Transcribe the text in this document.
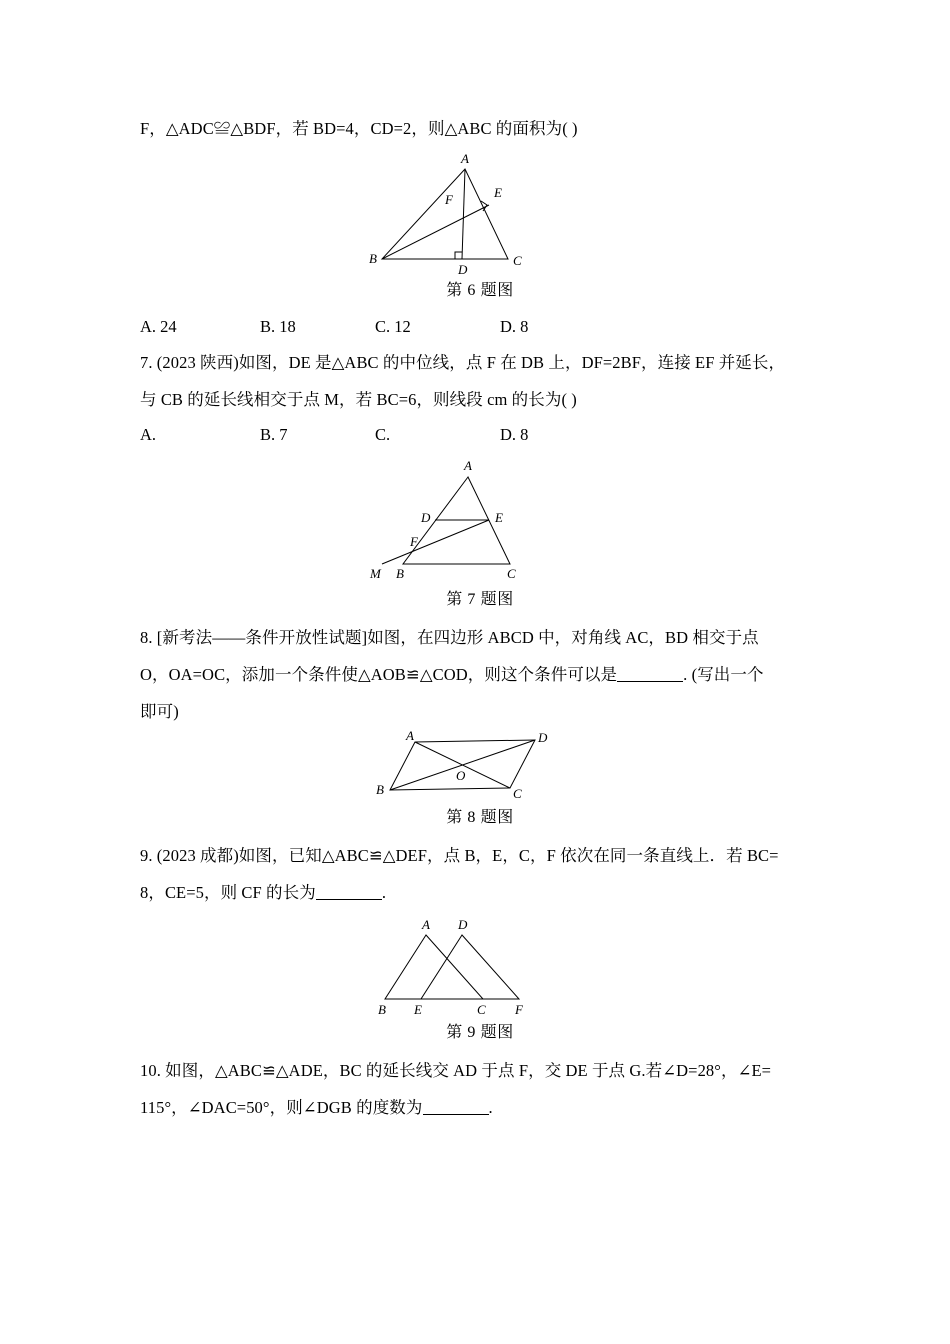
F，△ADC≌△BDF，若 BD=4，CD=2，则△ABC 的面积为( )
A
B	C
D
E
F
第 6 题图
A. 24	B. 18	C. 12	D. 8
7. (2023 陕西)如图，DE 是△ABC 的中位线，点 F 在 DB 上，DF=2BF，连接 EF 并延长，
与 CB 的延长线相交于点 M，若 BC=6，则线段 cm 的长为( )
A.	B. 7	C.	D. 8
A
D	E
F
M B	C
第 7 题图
8. [新考法——条件开放性试题]如图，在四边形 ABCD 中，对角线 AC，BD 相交于点
O，OA=OC，添加一个条件使△AOB≌△COD，则这个条件可以是	. (写出一个
即可)
A	D
B	C
O
第 8 题图
9. (2023 成都)如图，已知△ABC≌△DEF，点 B，E，C，F 依次在同一条直线上．若 BC=
8，CE=5，则 CF 的长为	.
A D
B E	C F
第 9 题图
10. 如图，△ABC≌△ADE，BC 的延长线交 AD 于点 F，交 DE 于点 G.若∠D=28°，∠E=
115°，∠DAC=50°，则∠DGB 的度数为	.
